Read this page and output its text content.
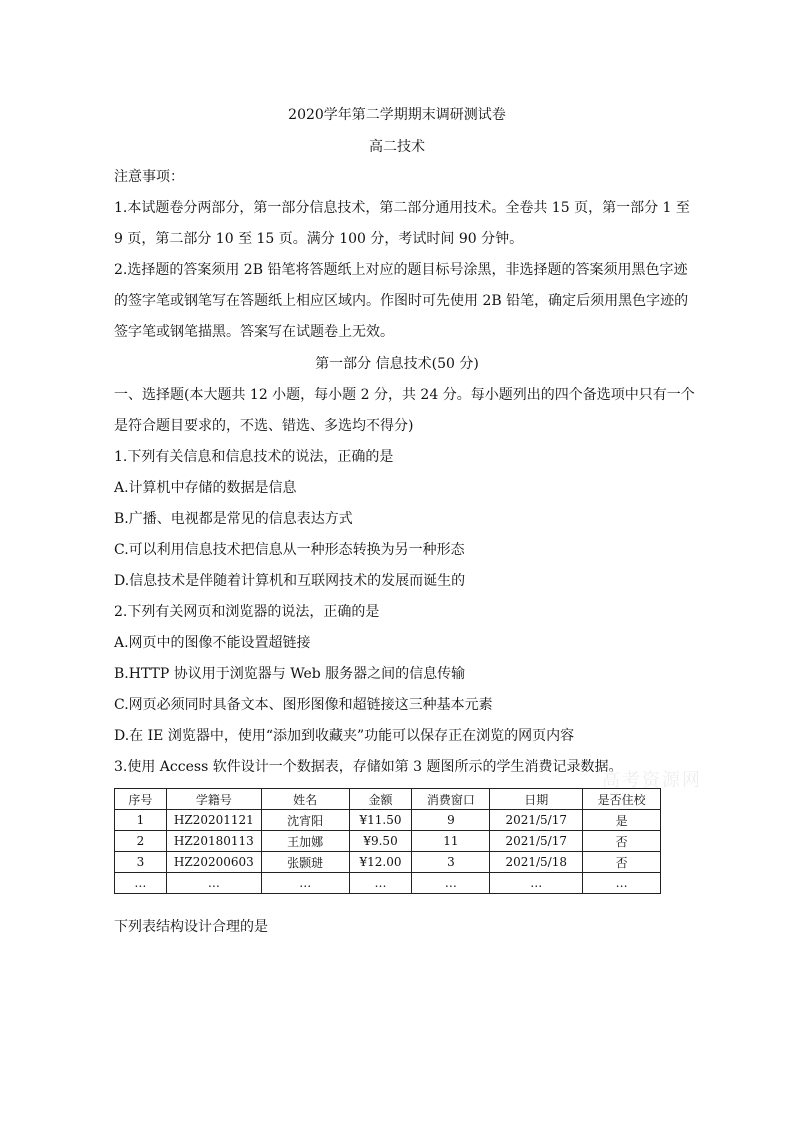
2020学年第二学期期末调研测试卷
高二技术
注意事项：
1.本试题卷分两部分，第一部分信息技术，第二部分通用技术。全卷共 15 页，第一部分 1 至
9 页，第二部分 10 至 15 页。满分 100 分，考试时间 90 分钟。
2.选择题的答案须用 2B 铅笔将答题纸上对应的题目标号涂黑，非选择题的答案须用黑色字迹
的签字笔或钢笔写在答题纸上相应区域内。作图时可先使用 2B 铅笔，确定后须用黑色字迹的
签字笔或钢笔描黑。答案写在试题卷上无效。
第一部分 信息技术(50 分)
一、选择题(本大题共 12 小题，每小题 2 分，共 24 分。每小题列出的四个备选项中只有一个
是符合题目要求的，不选、错选、多选均不得分)
1.下列有关信息和信息技术的说法，正确的是
A.计算机中存储的数据是信息
B.广播、电视都是常见的信息表达方式
C.可以利用信息技术把信息从一种形态转换为另一种形态
D.信息技术是伴随着计算机和互联网技术的发展而诞生的
2.下列有关网页和浏览器的说法，正确的是
A.网页中的图像不能设置超链接
B.HTTP 协议用于浏览器与 Web 服务器之间的信息传输
C.网页必须同时具备文本、图形图像和超链接这三种基本元素
D.在 IE 浏览器中，使用“添加到收藏夹”功能可以保存正在浏览的网页内容
3.使用 Access 软件设计一个数据表，存储如第 3 题图所示的学生消费记录数据。
高考资源网
序号	学籍号	姓名	金额	消费窗口	日期	是否住校
1	HZ20201121	沈宵阳	¥11.50	9	2021/5/17	是
2	HZ20180113	王加娜	¥9.50	11	2021/5/17	否
3	HZ20200603	张颢琎	¥12.00	3	2021/5/18	否
…	…	…	…	…	…	…
下列表结构设计合理的是
